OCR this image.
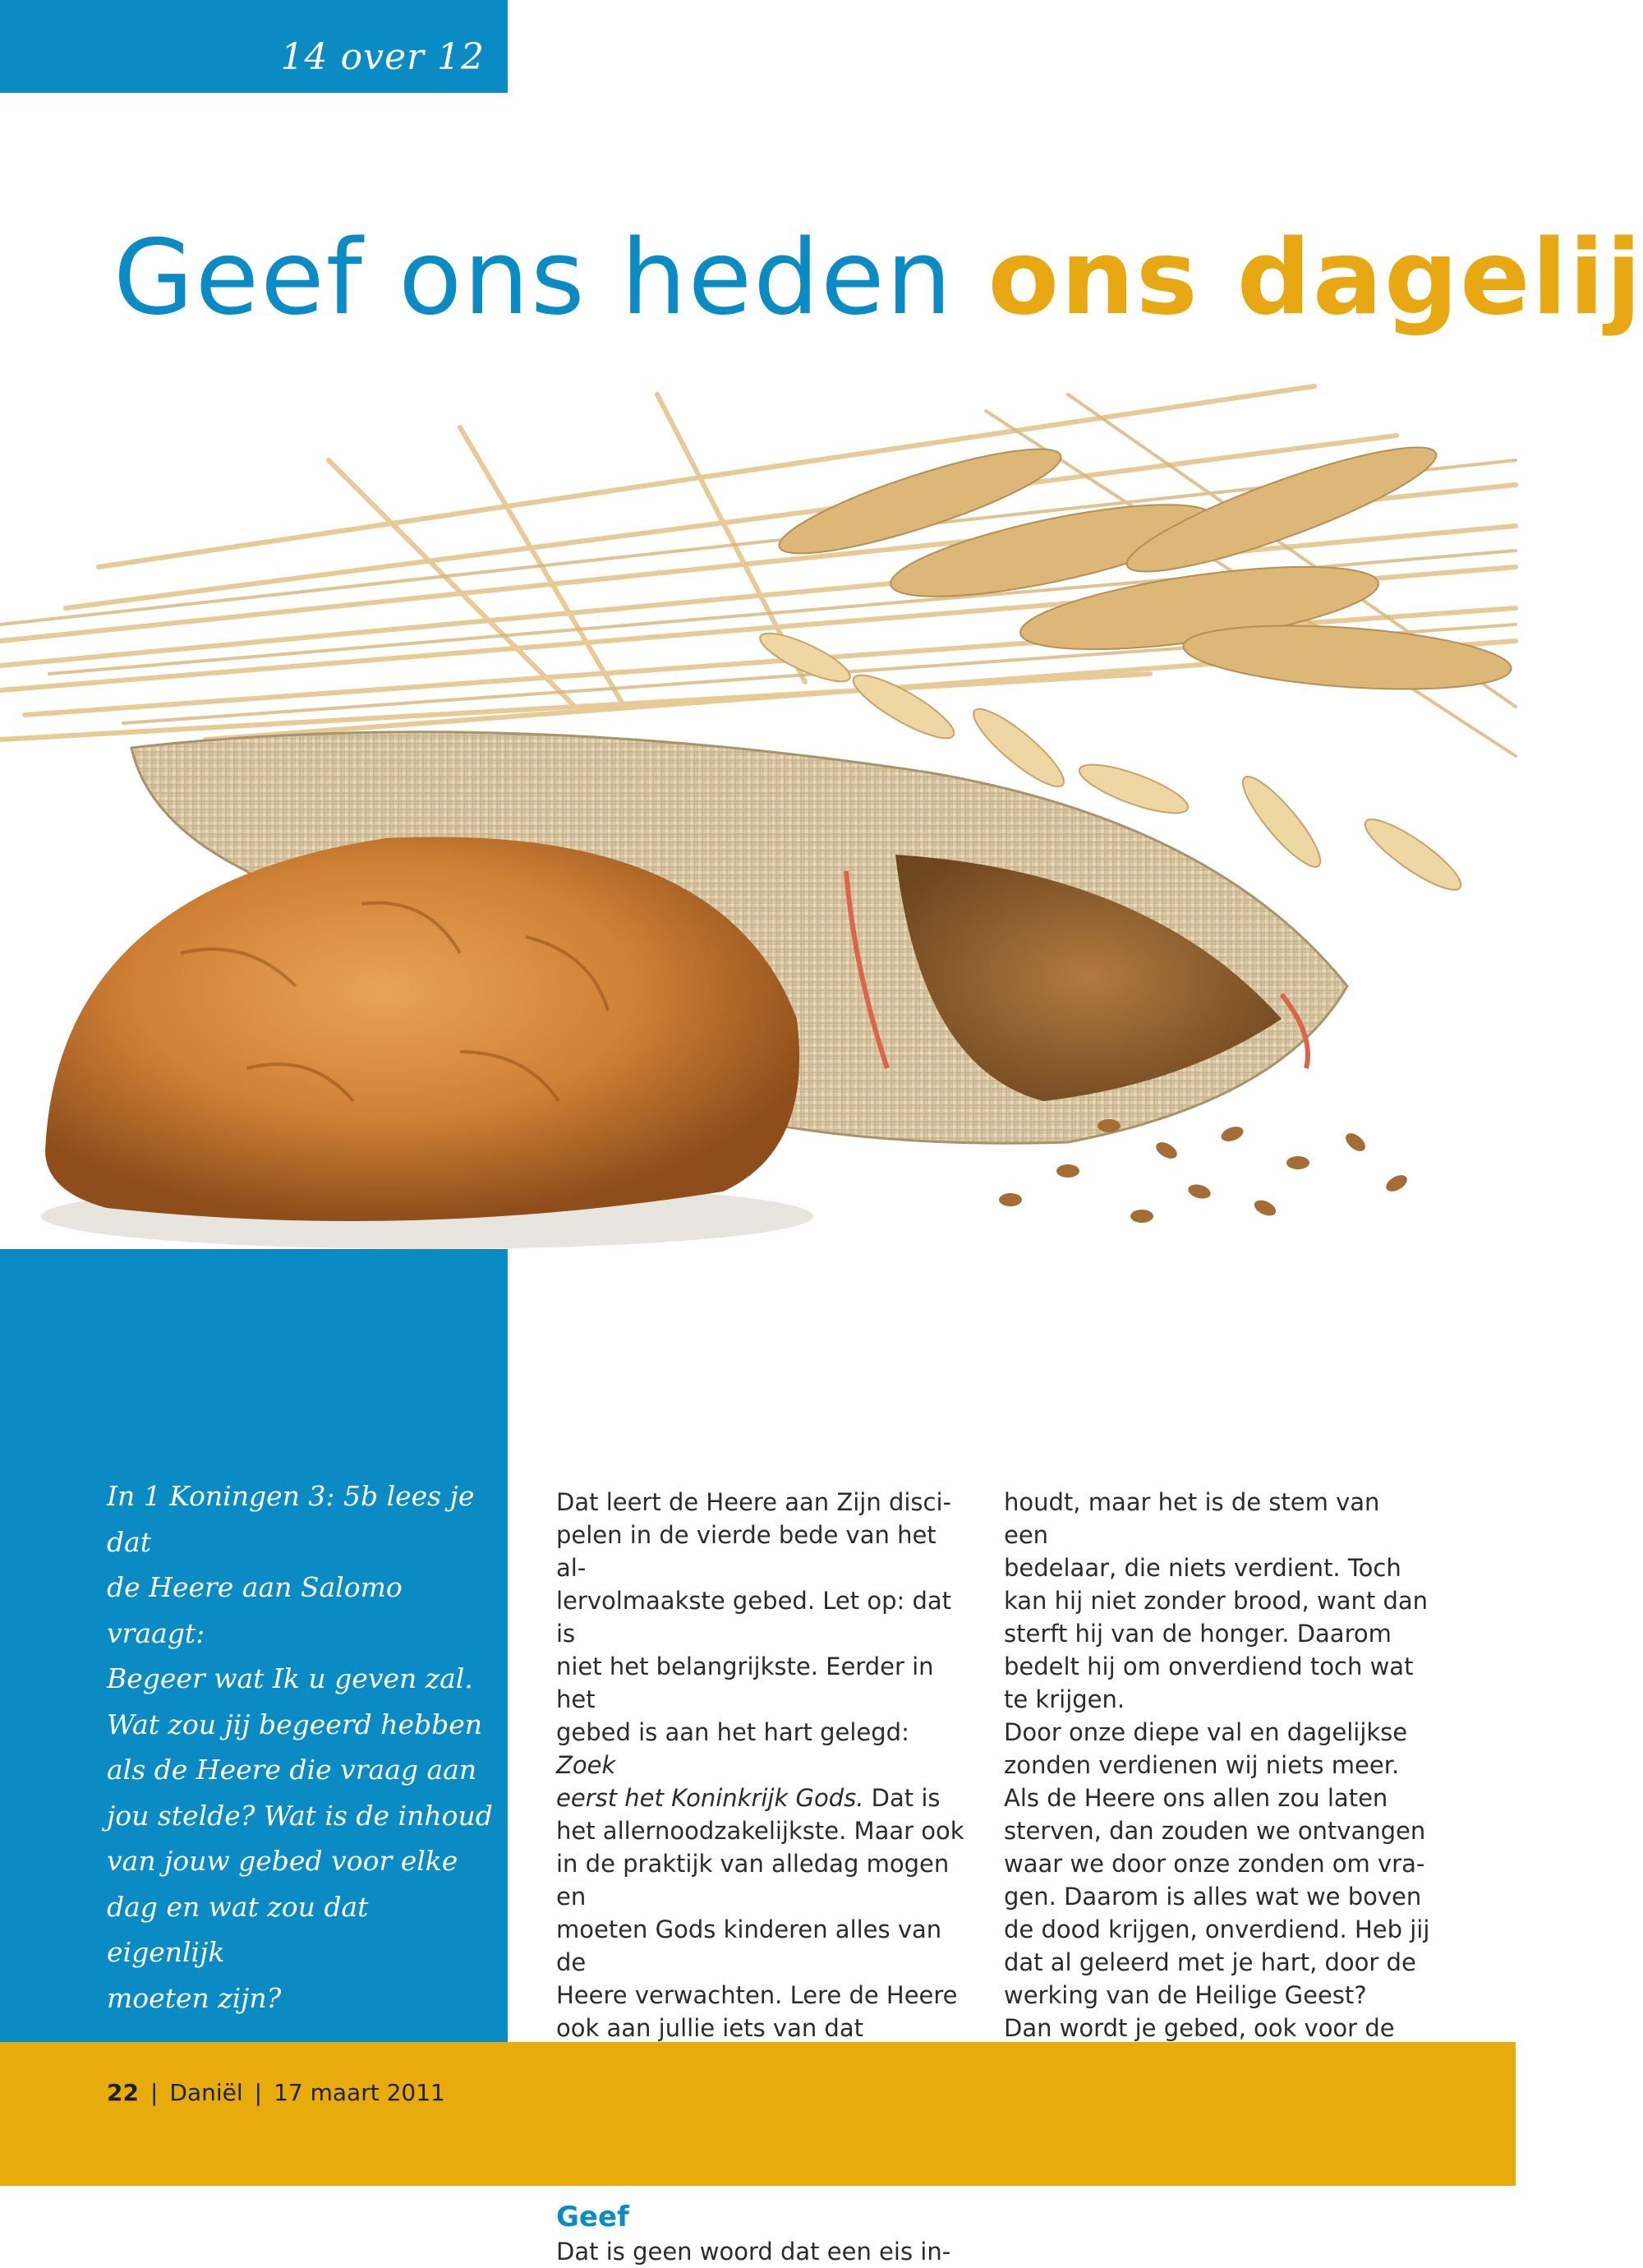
14 over 12
Geef ons heden ons dagelij
In 1 Koningen 3: 5b lees je dat
de Heere aan Salomo vraagt:
Begeer wat Ik u geven zal.
Wat zou jij begeerd hebben
als de Heere die vraag aan
jou stelde? Wat is de inhoud
van jouw gebed voor elke
dag en wat zou dat eigenlijk
moeten zijn?
Dat leert de Heere aan Zijn disci-
pelen in de vierde bede van het al-
lervolmaakste gebed. Let op: dat is
niet het belangrijkste. Eerder in het
gebed is aan het hart gelegd: Zoek
eerst het Koninkrijk Gods. Dat is
het allernoodzakelijkste. Maar ook
in de praktijk van alledag mogen en
moeten Gods kinderen alles van de
Heere verwachten. Lere de Heere
ook aan jullie iets van dat

Geef

Dat is geen woord dat een eis in-
houdt, maar het is de stem van een
bedelaar, die niets verdient. Toch
kan hij niet zonder brood, want dan
sterft hij van de honger. Daarom
bedelt hij om onverdiend toch wat
te krijgen.
Door onze diepe val en dagelijkse
zonden verdienen wij niets meer.
Als de Heere ons allen zou laten
sterven, dan zouden we ontvangen
waar we door onze zonden om vra-
gen. Daarom is alles wat we boven
de dood krijgen, onverdiend. Heb jij
dat al geleerd met je hart, door de
werking van de Heilige Geest?
Dan wordt je gebed, ook voor de
22 | Daniël | 17 maart 2011
